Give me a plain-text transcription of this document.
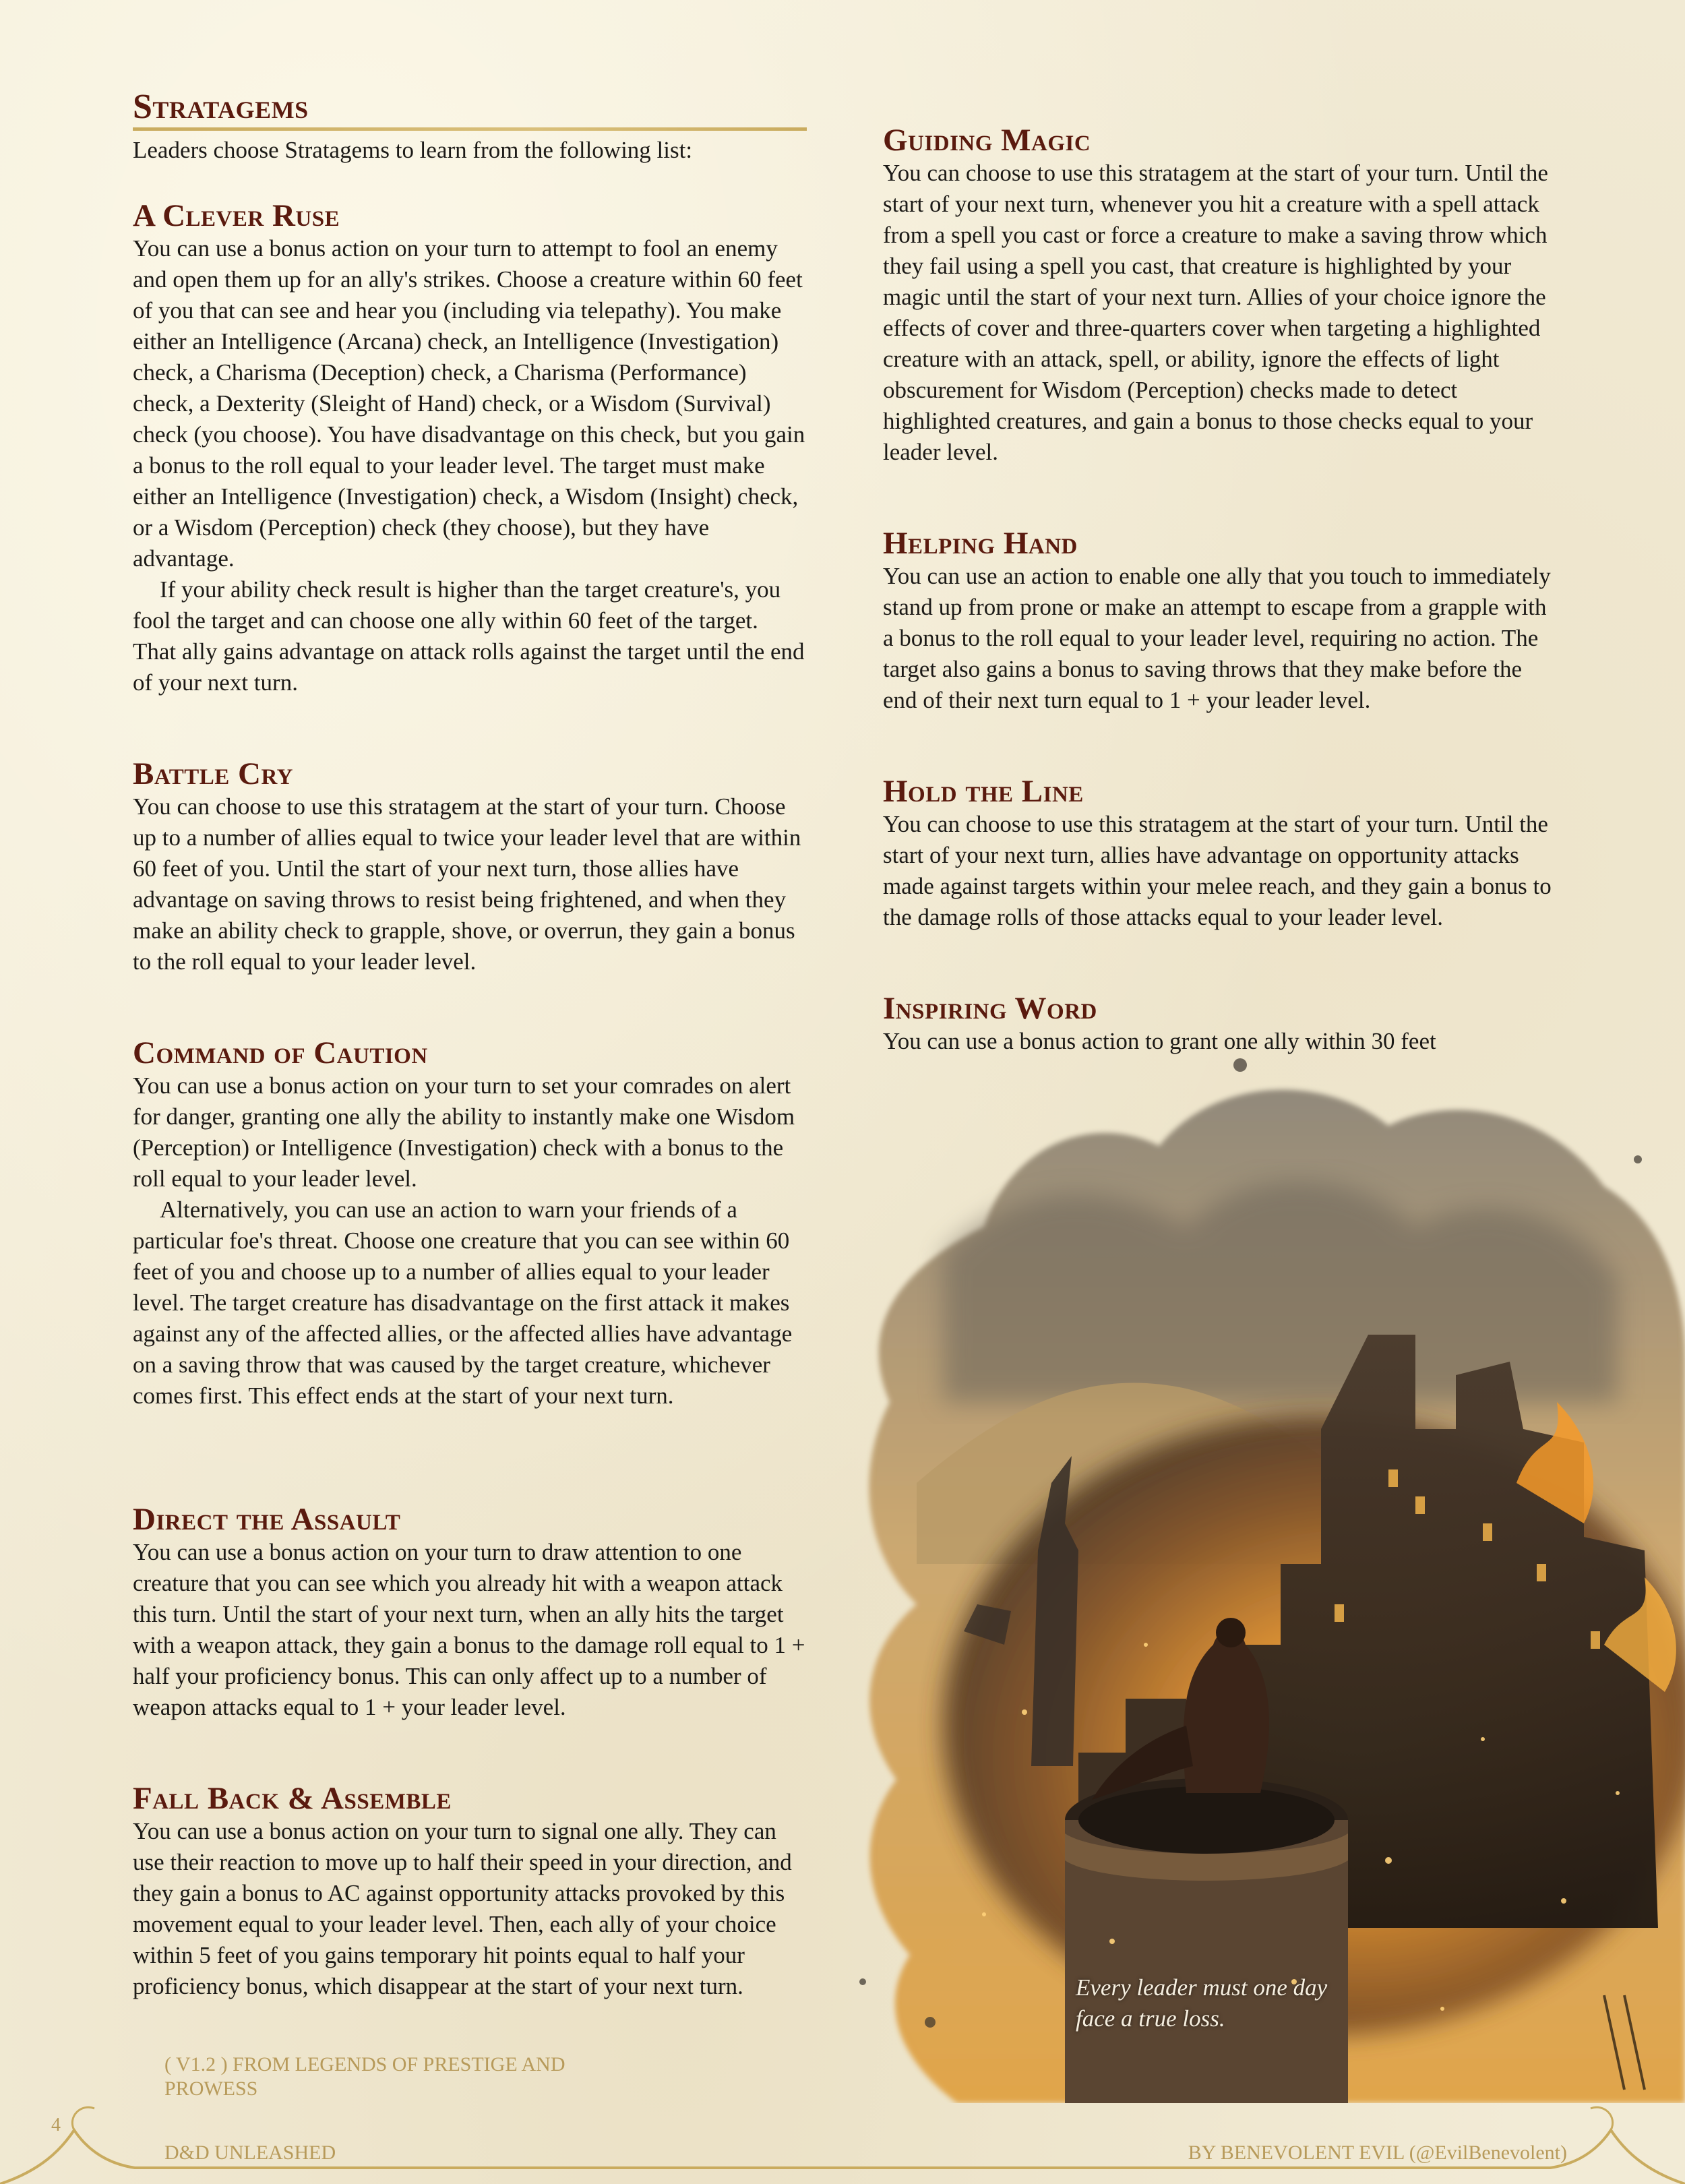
Stratagems

Leaders choose Stratagems to learn from the following list:

A Clever Ruse

You can use a bonus action on your turn to attempt to fool an enemy and open them up for an ally's strikes. Choose a creature within 60 feet of you that can see and hear you (including via telepathy). You make either an Intelligence (Arcana) check, an Intelligence (Investigation) check, a Charisma (Deception) check, a Charisma (Performance) check, a Dexterity (Sleight of Hand) check, or a Wisdom (Survival) check (you choose). You have disadvantage on this check, but you gain a bonus to the roll equal to your leader level. The target must make either an Intelligence (Investigation) check, a Wisdom (Insight) check, or a Wisdom (Perception) check (they choose), but they have advantage.

If your ability check result is higher than the target creature's, you fool the target and can choose one ally within 60 feet of the target. That ally gains advantage on attack rolls against the target until the end of your next turn.

Battle Cry

You can choose to use this stratagem at the start of your turn. Choose up to a number of allies equal to twice your leader level that are within 60 feet of you. Until the start of your next turn, those allies have advantage on saving throws to resist being frightened, and when they make an ability check to grapple, shove, or overrun, they gain a bonus to the roll equal to your leader level.

Command of Caution

You can use a bonus action on your turn to set your comrades on alert for danger, granting one ally the ability to instantly make one Wisdom (Perception) or Intelligence (Investigation) check with a bonus to the roll equal to your leader level.

Alternatively, you can use an action to warn your friends of a particular foe's threat. Choose one creature that you can see within 60 feet of you and choose up to a number of allies equal to your leader level. The target creature has disadvantage on the first attack it makes against any of the affected allies, or the affected allies have advantage on a saving throw that was caused by the target creature, whichever comes first. This effect ends at the start of your next turn.

Direct the Assault

You can use a bonus action on your turn to draw attention to one creature that you can see which you already hit with a weapon attack this turn. Until the start of your next turn, when an ally hits the target with a weapon attack, they gain a bonus to the damage roll equal to 1 + half your proficiency bonus. This can only affect up to a number of weapon attacks equal to 1 + your leader level.

Fall Back & Assemble

You can use a bonus action on your turn to signal one ally. They can use their reaction to move up to half their speed in your direction, and they gain a bonus to AC against opportunity attacks provoked by this movement equal to your leader level. Then, each ally of your choice within 5 feet of you gains temporary hit points equal to half your proficiency bonus, which disappear at the start of your next turn.

Guiding Magic

You can choose to use this stratagem at the start of your turn. Until the start of your next turn, whenever you hit a creature with a spell attack from a spell you cast or force a creature to make a saving throw which they fail using a spell you cast, that creature is highlighted by your magic until the start of your next turn. Allies of your choice ignore the effects of cover and three-quarters cover when targeting a highlighted creature with an attack, spell, or ability, ignore the effects of light obscurement for Wisdom (Perception) checks made to detect highlighted creatures, and gain a bonus to those checks equal to your leader level.

Helping Hand

You can use an action to enable one ally that you touch to immediately stand up from prone or make an attempt to escape from a grapple with a bonus to the roll equal to your leader level, requiring no action. The target also gains a bonus to saving throws that they make before the end of their next turn equal to 1 + your leader level.

Hold the Line

You can choose to use this stratagem at the start of your turn. Until the start of your next turn, allies have advantage on opportunity attacks made against targets within your melee reach, and they gain a bonus to the damage rolls of those attacks equal to your leader level.

Inspiring Word

You can use a bonus action to grant one ally within 30 feet

Every leader must one day face a true loss.
( V1.2 ) FROM LEGENDS OF PRESTIGE AND PROWESS
4
D&D UNLEASHED	BY BENEVOLENT EVIL (@EvilBenevolent)
